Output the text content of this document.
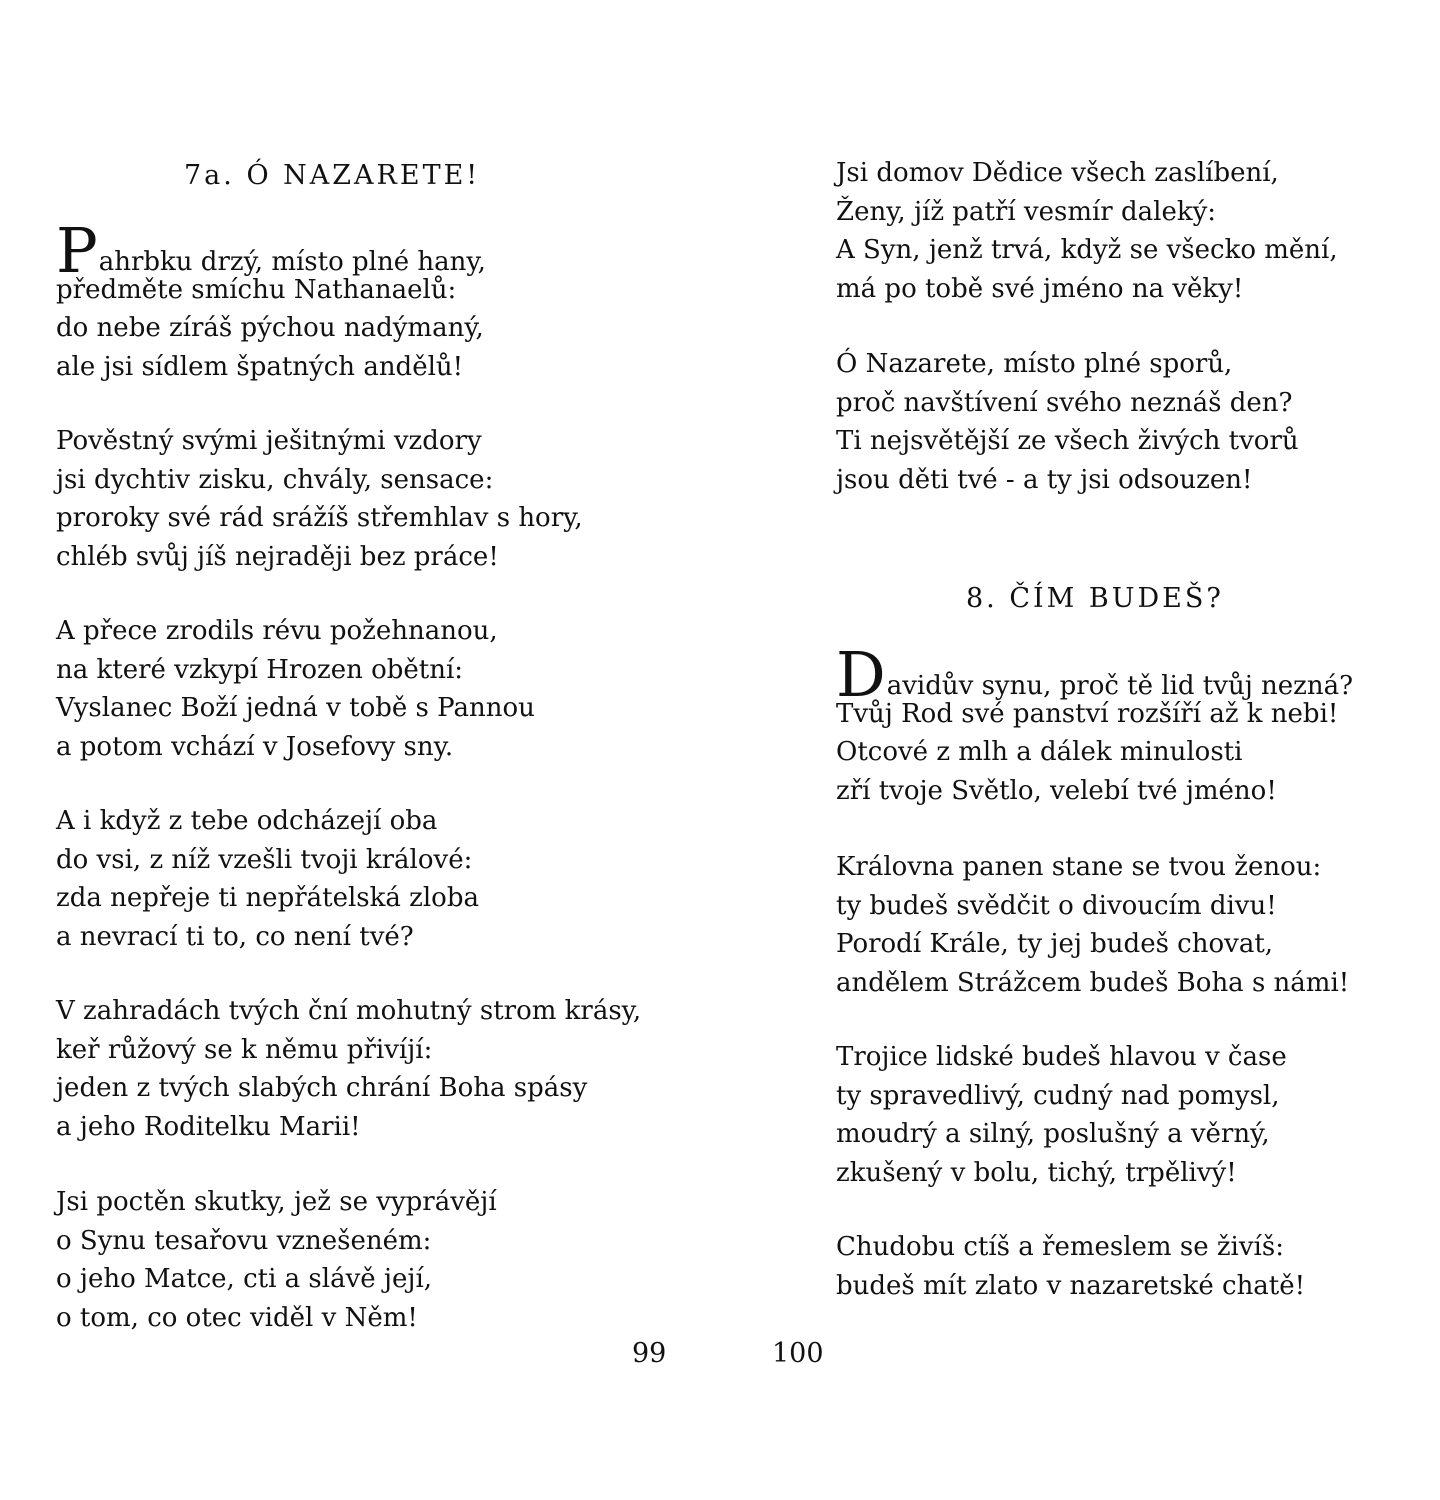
7a. Ó NAZARETE!
Pahrbku drzý, místo plné hany,
předměte smíchu Nathanaelů:
do nebe zíráš pýchou nadýmaný,
ale jsi sídlem špatných andělů!
Pověstný svými ješitnými vzdory
jsi dychtiv zisku, chvály, sensace:
proroky své rád srážíš střemhlav s hory,
chléb svůj jíš nejraději bez práce!
A přece zrodils révu požehnanou,
na které vzkypí Hrozen obětní:
Vyslanec Boží jedná v tobě s Pannou
a potom vchází v Josefovy sny.
A i když z tebe odcházejí oba
do vsi, z níž vzešli tvoji králové:
zda nepřeje ti nepřátelská zloba
a nevrací ti to, co není tvé?
V zahradách tvých ční mohutný strom krásy,
keř růžový se k němu přivíjí:
jeden z tvých slabých chrání Boha spásy
a jeho Roditelku Marii!
Jsi poctěn skutky, jež se vyprávějí
o Synu tesařovu vznešeném:
o jeho Matce, cti a slávě její,
o tom, co otec viděl v Něm!
Jsi domov Dědice všech zaslíbení,
Ženy, jíž patří vesmír daleký:
A Syn, jenž trvá, když se všecko mění,
má po tobě své jméno na věky!
Ó Nazarete, místo plné sporů,
proč navštívení svého neznáš den?
Ti nejsvětější ze všech živých tvorů
jsou děti tvé - a ty jsi odsouzen!
8. ČÍM BUDEŠ?
Davidův synu, proč tě lid tvůj nezná?
Tvůj Rod své panství rozšíří až k nebi!
Otcové z mlh a dálek minulosti
zří tvoje Světlo, velebí tvé jméno!
Královna panen stane se tvou ženou:
ty budeš svědčit o divoucím divu!
Porodí Krále, ty jej budeš chovat,
andělem Strážcem budeš Boha s námi!
Trojice lidské budeš hlavou v čase
ty spravedlivý, cudný nad pomysl,
moudrý a silný, poslušný a věrný,
zkušený v bolu, tichý, trpělivý!
Chudobu ctíš a řemeslem se živíš:
budeš mít zlato v nazaretské chatě!
99	100
